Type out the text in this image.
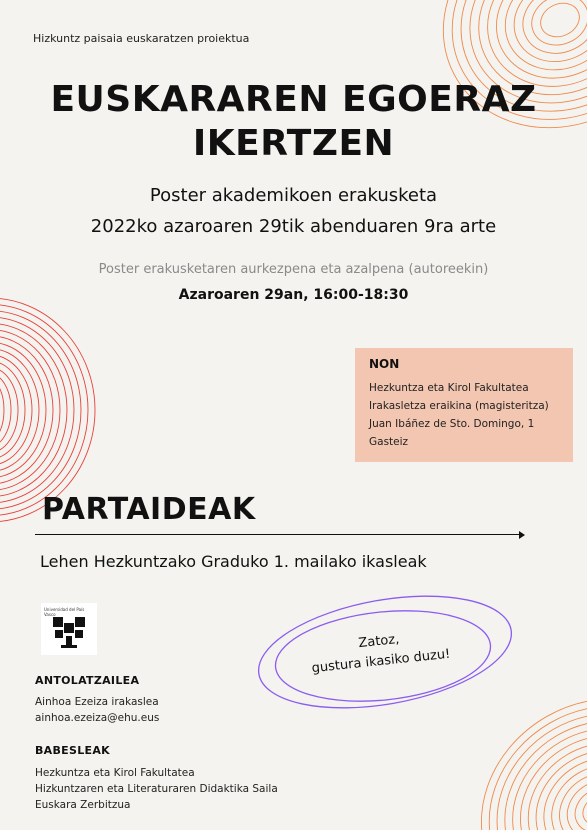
Hizkuntz paisaia euskaratzen proiektua
EUSKARAREN EGOERAZ
IKERTZEN
Poster akademikoen erakusketa
2022ko azaroaren 29tik abenduaren 9ra arte
Poster erakusketaren aurkezpena eta azalpena (autoreekin)
Azaroaren 29an, 16:00-18:30
NON
Hezkuntza eta Kirol Fakultatea
Irakasletza eraikina (magisteritza)
Juan Ibáñez de Sto. Domingo, 1
Gasteiz
PARTAIDEAK
Lehen Hezkuntzako Graduko 1. mailako ikasleak
Universidad del País Vasco
Zatoz,
gustura ikasiko duzu!
ANTOLATZAILEA
Ainhoa Ezeiza irakaslea
ainhoa.ezeiza@ehu.eus
BABESLEAK
Hezkuntza eta Kirol Fakultatea
Hizkuntzaren eta Literaturaren Didaktika Saila
Euskara Zerbitzua
